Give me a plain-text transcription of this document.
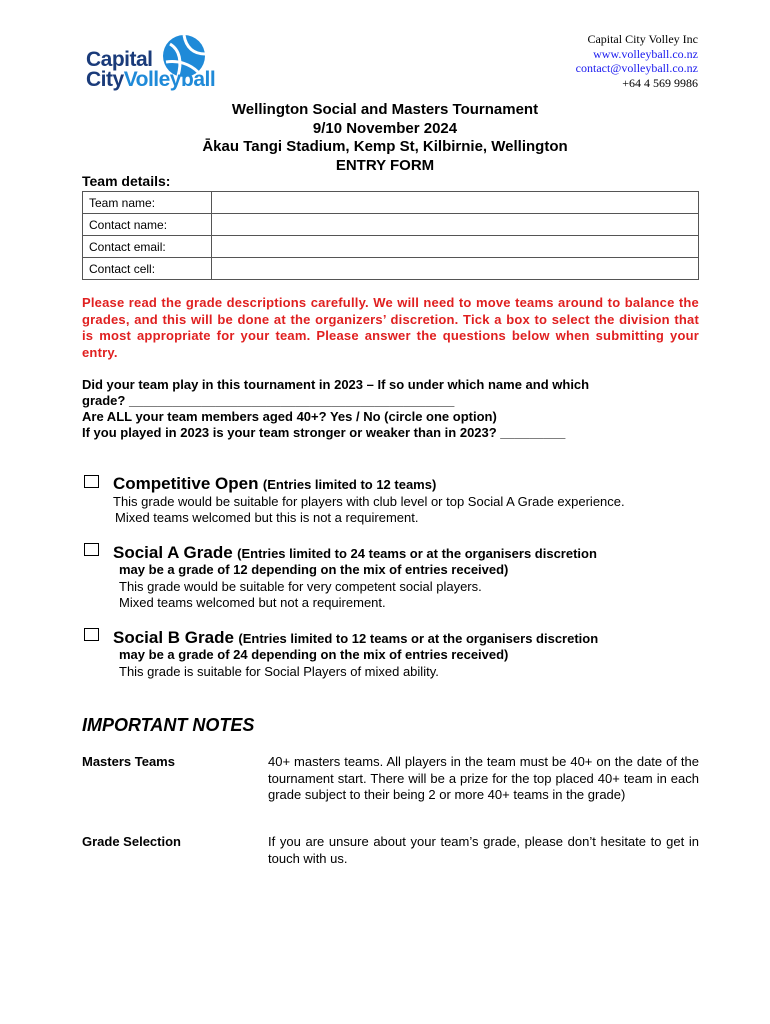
Capital
CityVolleyball
Capital City Volley Inc
www.volleyball.co.nz
contact@volleyball.co.nz
+64 4 569 9986
Wellington Social and Masters Tournament
9/10 November 2024
Ākau Tangi Stadium, Kemp St, Kilbirnie, Wellington
ENTRY FORM
Team details:
Team name:	
Contact name:	
Contact email:	
Contact cell:	
Please read the grade descriptions carefully. We will need to move teams around to balance the grades, and this will be done at the organizers’ discretion. Tick a box to select the division that is most appropriate for your team. Please answer the questions below when submitting your entry.
Did your team play in this tournament in 2023 – If so under which name and which
grade? _____________________________________________
Are ALL your team members aged 40+? Yes / No (circle one option)
If you played in 2023 is your team stronger or weaker than in 2023? _________
Competitive Open (Entries limited to 12 teams)
This grade would be suitable for players with club level or top Social A Grade experience.
Mixed teams welcomed but this is not a requirement.
Social A Grade (Entries limited to 24 teams or at the organisers discretion
may be a grade of 12 depending on the mix of entries received)
This grade would be suitable for very competent social players.
Mixed teams welcomed but not a requirement.
Social B Grade (Entries limited to 12 teams or at the organisers discretion
may be a grade of 24 depending on the mix of entries received)
This grade is suitable for Social Players of mixed ability.
IMPORTANT NOTES
Masters Teams	40+ masters teams. All players in the team must be 40+ on the date of the tournament start. There will be a prize for the top placed 40+ team in each grade subject to their being 2 or more 40+ teams in the grade)
Grade Selection	If you are unsure about your team’s grade, please don’t hesitate to get in touch with us.
